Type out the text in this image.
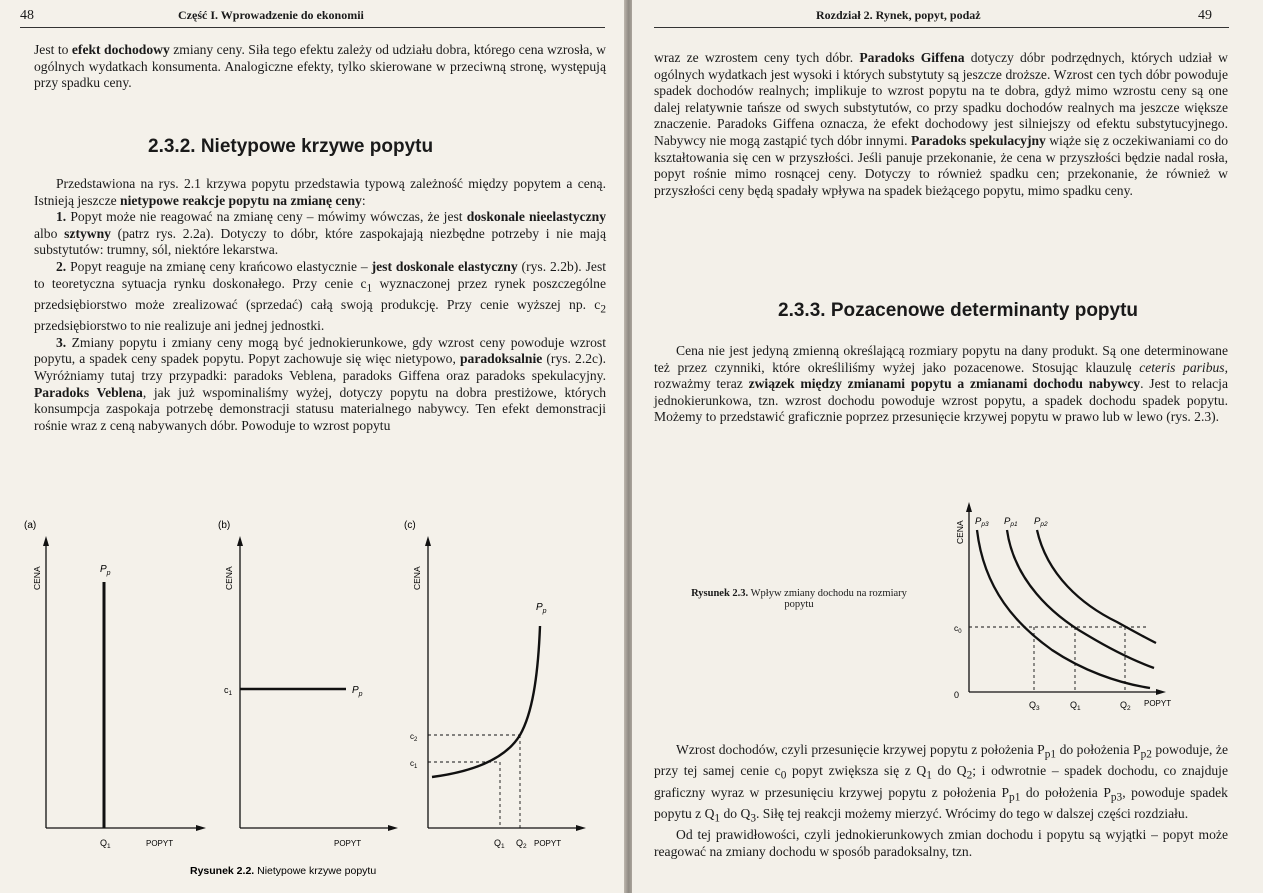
48	Część I. Wprowadzenie do ekonomii

Jest to efekt dochodowy zmiany ceny. Siła tego efektu zależy od udziału dobra, którego cena wzrosła, w ogólnych wydatkach konsumenta. Analogiczne efekty, tylko skierowane w przeciwną stronę, występują przy spadku ceny.

2.3.2. Nietypowe krzywe popytu

Przedstawiona na rys. 2.1 krzywa popytu przedstawia typową zależność między popytem a ceną. Istnieją jeszcze nietypowe reakcje popytu na zmianę ceny:

1. Popyt może nie reagować na zmianę ceny – mówimy wówczas, że jest doskonale nieelastyczny albo sztywny (patrz rys. 2.2a). Dotyczy to dóbr, które zaspokajają niezbędne potrzeby i nie mają substytutów: trumny, sól, niektóre lekarstwa.

2. Popyt reaguje na zmianę ceny krańcowo elastycznie – jest doskonale elastyczny (rys. 2.2b). Jest to teoretyczna sytuacja rynku doskonałego. Przy cenie $c_1$ wyznaczonej przez rynek poszczególne przedsiębiorstwo może zrealizować (sprzedać) całą swoją produkcję. Przy cenie wyższej np. $c_2$ przedsiębiorstwo to nie realizuje ani jednej jednostki.

3. Zmiany popytu i zmiany ceny mogą być jednokierunkowe, gdy wzrost ceny powoduje wzrost popytu, a spadek ceny spadek popytu. Popyt zachowuje się więc nietypowo, paradoksalnie (rys. 2.2c). Wyróżniamy tutaj trzy przypadki: paradoks Veblena, paradoks Giffena oraz paradoks spekulacyjny. Paradoks Veblena, jak już wspominaliśmy wyżej, dotyczy popytu na dobra prestiżowe, których konsumpcja zaspokaja potrzebę demonstracji statusu materialnego nabywcy. Ten efekt demonstracji rośnie wraz z ceną nabywanych dóbr. Powoduje to wzrost popytu

(a)	(b)	(c)
CENA	$P_p$
$Q_1$	POPYT
CENA
$c_1$	$P_p$
POPYT
CENA
$P_p$
$c_2$
$c_1$
$Q_1$ $Q_2$ POPYT
Rysunek 2.2. Nietypowe krzywe popytu
Rozdział 2. Rynek, popyt, podaż	49

wraz ze wzrostem ceny tych dóbr. Paradoks Giffena dotyczy dóbr podrzędnych, których udział w ogólnych wydatkach jest wysoki i których substytuty są jeszcze droższe. Wzrost cen tych dóbr powoduje spadek dochodów realnych; implikuje to wzrost popytu na te dobra, gdyż mimo wzrostu ceny są one dalej relatywnie tańsze od swych substytutów, co przy spadku dochodów realnych ma jeszcze większe znaczenie. Paradoks Giffena oznacza, że efekt dochodowy jest silniejszy od efektu substytucyjnego. Nabywcy nie mogą zastąpić tych dóbr innymi. Paradoks spekulacyjny wiąże się z oczekiwaniami co do kształtowania się cen w przyszłości. Jeśli panuje przekonanie, że cena w przyszłości będzie nadal rosła, popyt rośnie mimo rosnącej ceny. Dotyczy to również spadku cen; przekonanie, że również w przyszłości ceny będą spadały wpływa na spadek bieżącego popytu, mimo spadku ceny.

2.3.3. Pozacenowe determinanty popytu

Cena nie jest jedyną zmienną określającą rozmiary popytu na dany produkt. Są one determinowane też przez czynniki, które określiliśmy wyżej jako pozacenowe. Stosując klauzulę ceteris paribus, rozważmy teraz związek między zmianami popytu a zmianami dochodu nabywcy. Jest to relacja jednokierunkowa, tzn. wzrost dochodu powoduje wzrost popytu, a spadek dochodu spadek popytu. Możemy to przedstawić graficznie poprzez przesunięcie krzywej popytu w prawo lub w lewo (rys. 2.3).

Rysunek 2.3. Wpływ zmiany dochodu na rozmiary popytu
CENA
0
$P_{p3}$ $P_{p1}$ $P_{p2}$
$c_0$
$Q_3$	$Q_1$	$Q_2$
POPYT

Wzrost dochodów, czyli przesunięcie krzywej popytu z położenia $P_{p1}$ do położenia $P_{p2}$ powoduje, że przy tej samej cenie $c_0$ popyt zwiększa się z $Q_1$ do $Q_2$; i odwrotnie – spadek dochodu, co znajduje graficzny wyraz w przesunięciu krzywej popytu z położenia $P_{p1}$ do położenia $P_{p3}$, powoduje spadek popytu z $Q_1$ do $Q_3$. Siłę tej reakcji możemy mierzyć. Wrócimy do tego w dalszej części rozdziału.

Od tej prawidłowości, czyli jednokierunkowych zmian dochodu i popytu są wyjątki – popyt może reagować na zmiany dochodu w sposób paradoksalny, tzn.
